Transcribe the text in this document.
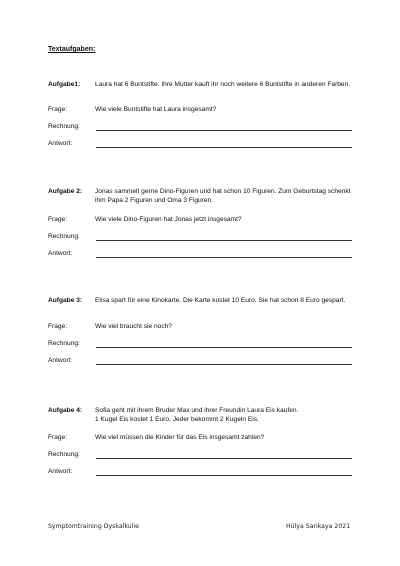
Textaufgaben:
Aufgabe1: Laura hat 6 Buntstifte. Ihre Mutter kauft ihr noch weitere 6 Buntstifte in anderen Farben.
Frage:	Wie viele Buntstifte hat Laura insgesamt?
Rechnung:
Antwort:
Aufgabe 2: Jonas sammelt gerne Dino-Figuren und hat schon 10 Figuren. Zum Geburtstag schenkt ihm Papa 2 Figuren und Oma 3 Figuren.
Frage:	Wie viele Dino-Figuren hat Jonas jetzt insgesamt?
Rechnung:
Antwort:
Aufgabe 3: Elisa spart für eine Kinokarte. Die Karte kostet 10 Euro. Sie hat schon 8 Euro gespart.
Frage:	Wie viel braucht sie noch?
Rechnung:
Antwort:
Aufgabe 4: Sofia geht mit ihrem Bruder Max und ihrer Freundin Laura Eis kaufen.
1 Kugel Eis kostet 1 Euro. Jeder bekommt 2 Kugeln Eis.
Frage:	Wie viel müssen die Kinder für das Eis insgesamt zahlen?
Rechnung:
Antwort:
Symptomtraining Dyskalkulie	Hülya Sarikaya 2021
